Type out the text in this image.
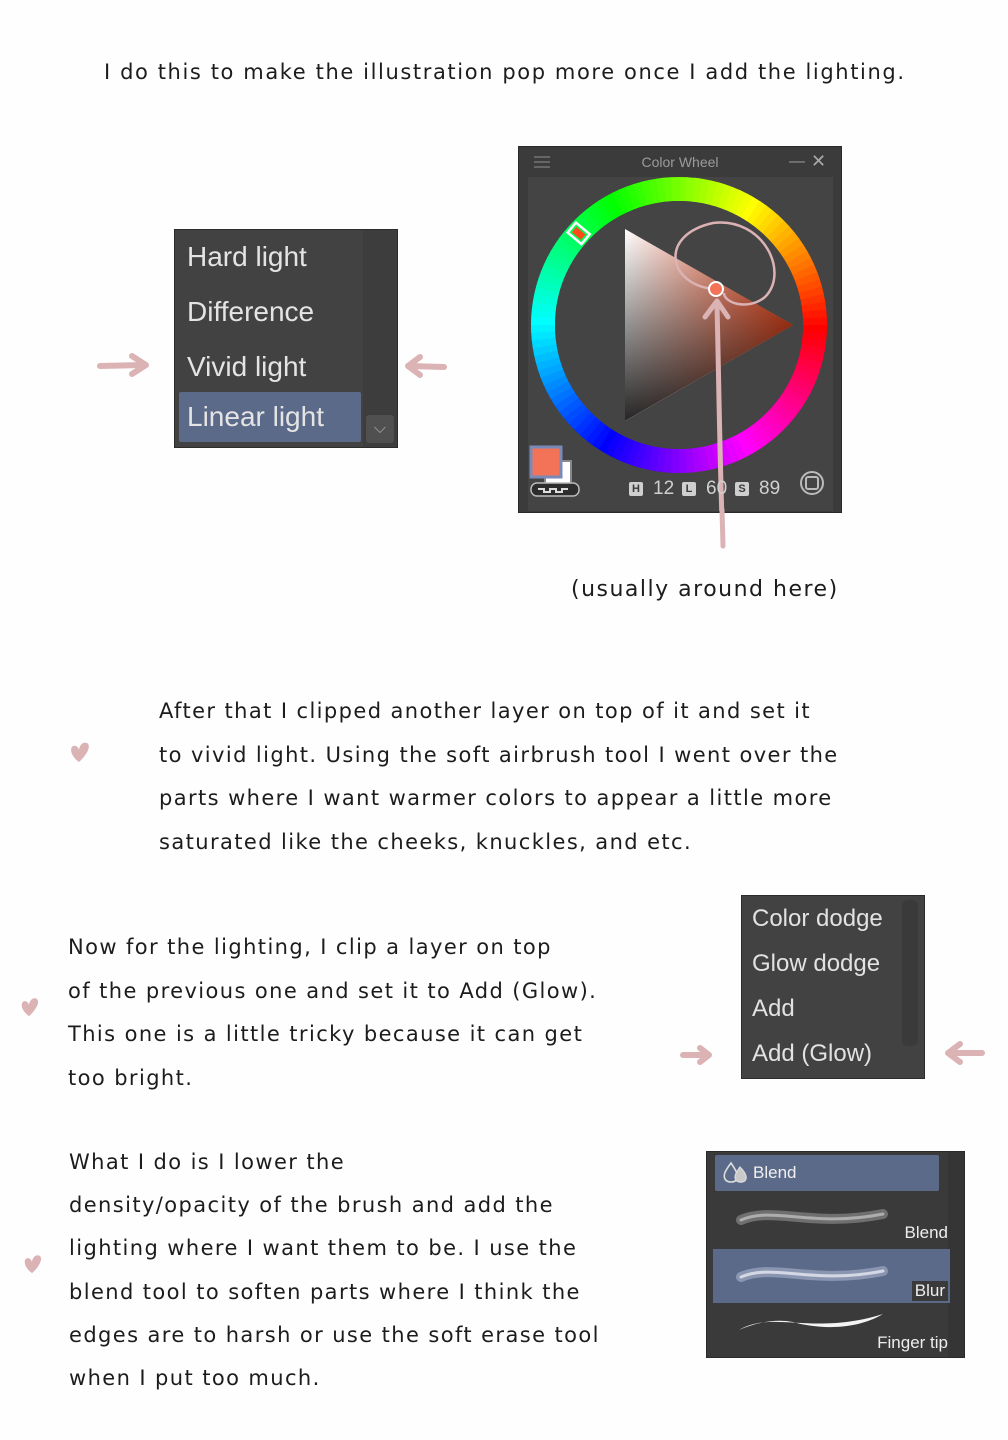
I do this to make the illustration pop more once I add the lighting.

Hard light
Difference
Vivid light
Linear light	⌵
Color Wheel	— ✕
H 12	L 60	S 89

(usually around here)

After that I clipped another layer on top of it and set it

to vivid light. Using the soft airbrush tool I went over the

parts where I want warmer colors to appear a little more

saturated like the cheeks, knuckles, and etc.

Now for the lighting, I clip a layer on top

of the previous one and set it to Add (Glow).

This one is a little tricky because it can get

too bright.

Color dodge
Glow dodge
Add
Add (Glow)

What I do is I lower the

density/opacity of the brush and add the

lighting where I want them to be. I use the

blend tool to soften parts where I think the

edges are to harsh or use the soft erase tool

when I put too much.

Blend
Blend
Blur
Finger tip
